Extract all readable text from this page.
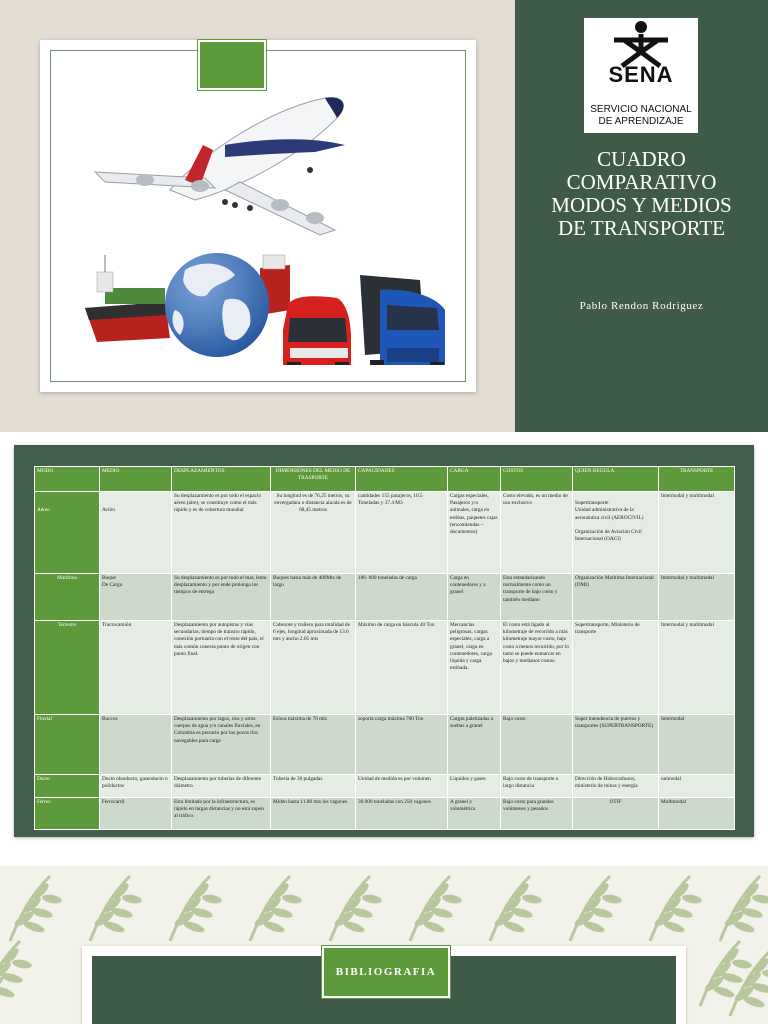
SENA
SERVICIO NACIONAL
DE APRENDIZAJE
CUADRO
COMPARATIVO
MODOS Y MEDIOS
DE TRANSPORTE
Pablo Rendon Rodriguez
MODO	MEDIO	DESPLAZAMIENTOS	DIMENSIONES DEL MEDIO DE TRASPORTE	CAPACIDADES	CARGA	COSTOS	QUIEN REGULA	TRANSPORTE

Aéreo	Avión	Su desplazamiento es por todo el espacio aéreo (aire), se constituye como el más rápido y es de cobertura mundial	Su longitud es de 76,25 metros, su envergadura o distancia ala/ala es de 68,45 metros	cantidades 155 pasajeros, 10.5 Toneladas y 37.4 M3	Cargas especiales, Pasajeros y/o animales, carga en estibas, paquetes cajas (encomiendas – documentos)	Costo elevado, es un medio de uso exclusivo	Supertransporte
Unidad administrativa de la aeronáutica civil (AEROCIVIL)

Organización de Aviación Civil Internacional (OACI)	Intermodal y multimodal
Marítima	Buque
De Carga	Su desplazamiento es por todo el mar, lento desplazamiento y por ende prolonga los tiempos de entrega	Buques hasta más de 400Mts de largo	186. 000 toneladas de carga	Carga en contenedores y a granel	Esta estandarizando normalmente como un transporte de bajo costo y también mediano	Organización Marítima Internacional (OMI)	Intermodal y multimodal
Terrestre	Tractocamión	Desplazamiento por autopistas y vías secundarias, tiempo de transito rápido, conexión portuaria con el resto del país, el más común conecta punto de origen con punto final.	Cabezote y trailero para totalidad de 6 ejes, longitud aproximada de 13.6 mts y ancho 2.05 mts	Máximo de carga en báscula 40 Ton	Mercancías peligrosas, cargas especiales, carga a granel, carga en contenedores, carga liquida y carga estibada.	El costo está ligado al kilometraje de recorrido a más kilometraje mayor costo, bajo costo a menos recorrido, por lo tanto se puede enmarcar en bajos y medianos costos.	Supertransporte, Ministerio de transporte	Intermodal y multimodal
Fluvial	Buccos	Desplazamiento por lagos, ríos y otros cuerpos de agua y/o canales fluviales, en Colombia es precario por los pocos ríos navegables para carga	Eslora máxima de 70 mts	soporta carga máxima 700 Ton	Cargas paletizadas o sueltas a granel	Bajo costo	Super intendencia de puertos y transportes (SUPERTRANSPORTE)	Intermodal
Ducto	Ducto oleoducto, gaseoducto o poliductos	Desplazamiento por tuberías de diferente diámetro	Tubería de 30 pulgadas	Unidad de medida es por volumen	Líquidos y gases	Bajo costo de transporte a largo distancia	Dirección de Hidrocarburos, ministerio de minas y energía	unimodal
Férreo	Ferrocarril	Esta limitado por la infraestructura, es rápido en largas distancias y no está sujeto al tráfico.	Miden hasta 11.88 mts los vagones.	30.000 toneladas con 250 vagones	A granel y volumétrica	Bajo costo para grandes volúmenes y pesados	OTIF	Multimodal
BIBLIOGRAFIA
